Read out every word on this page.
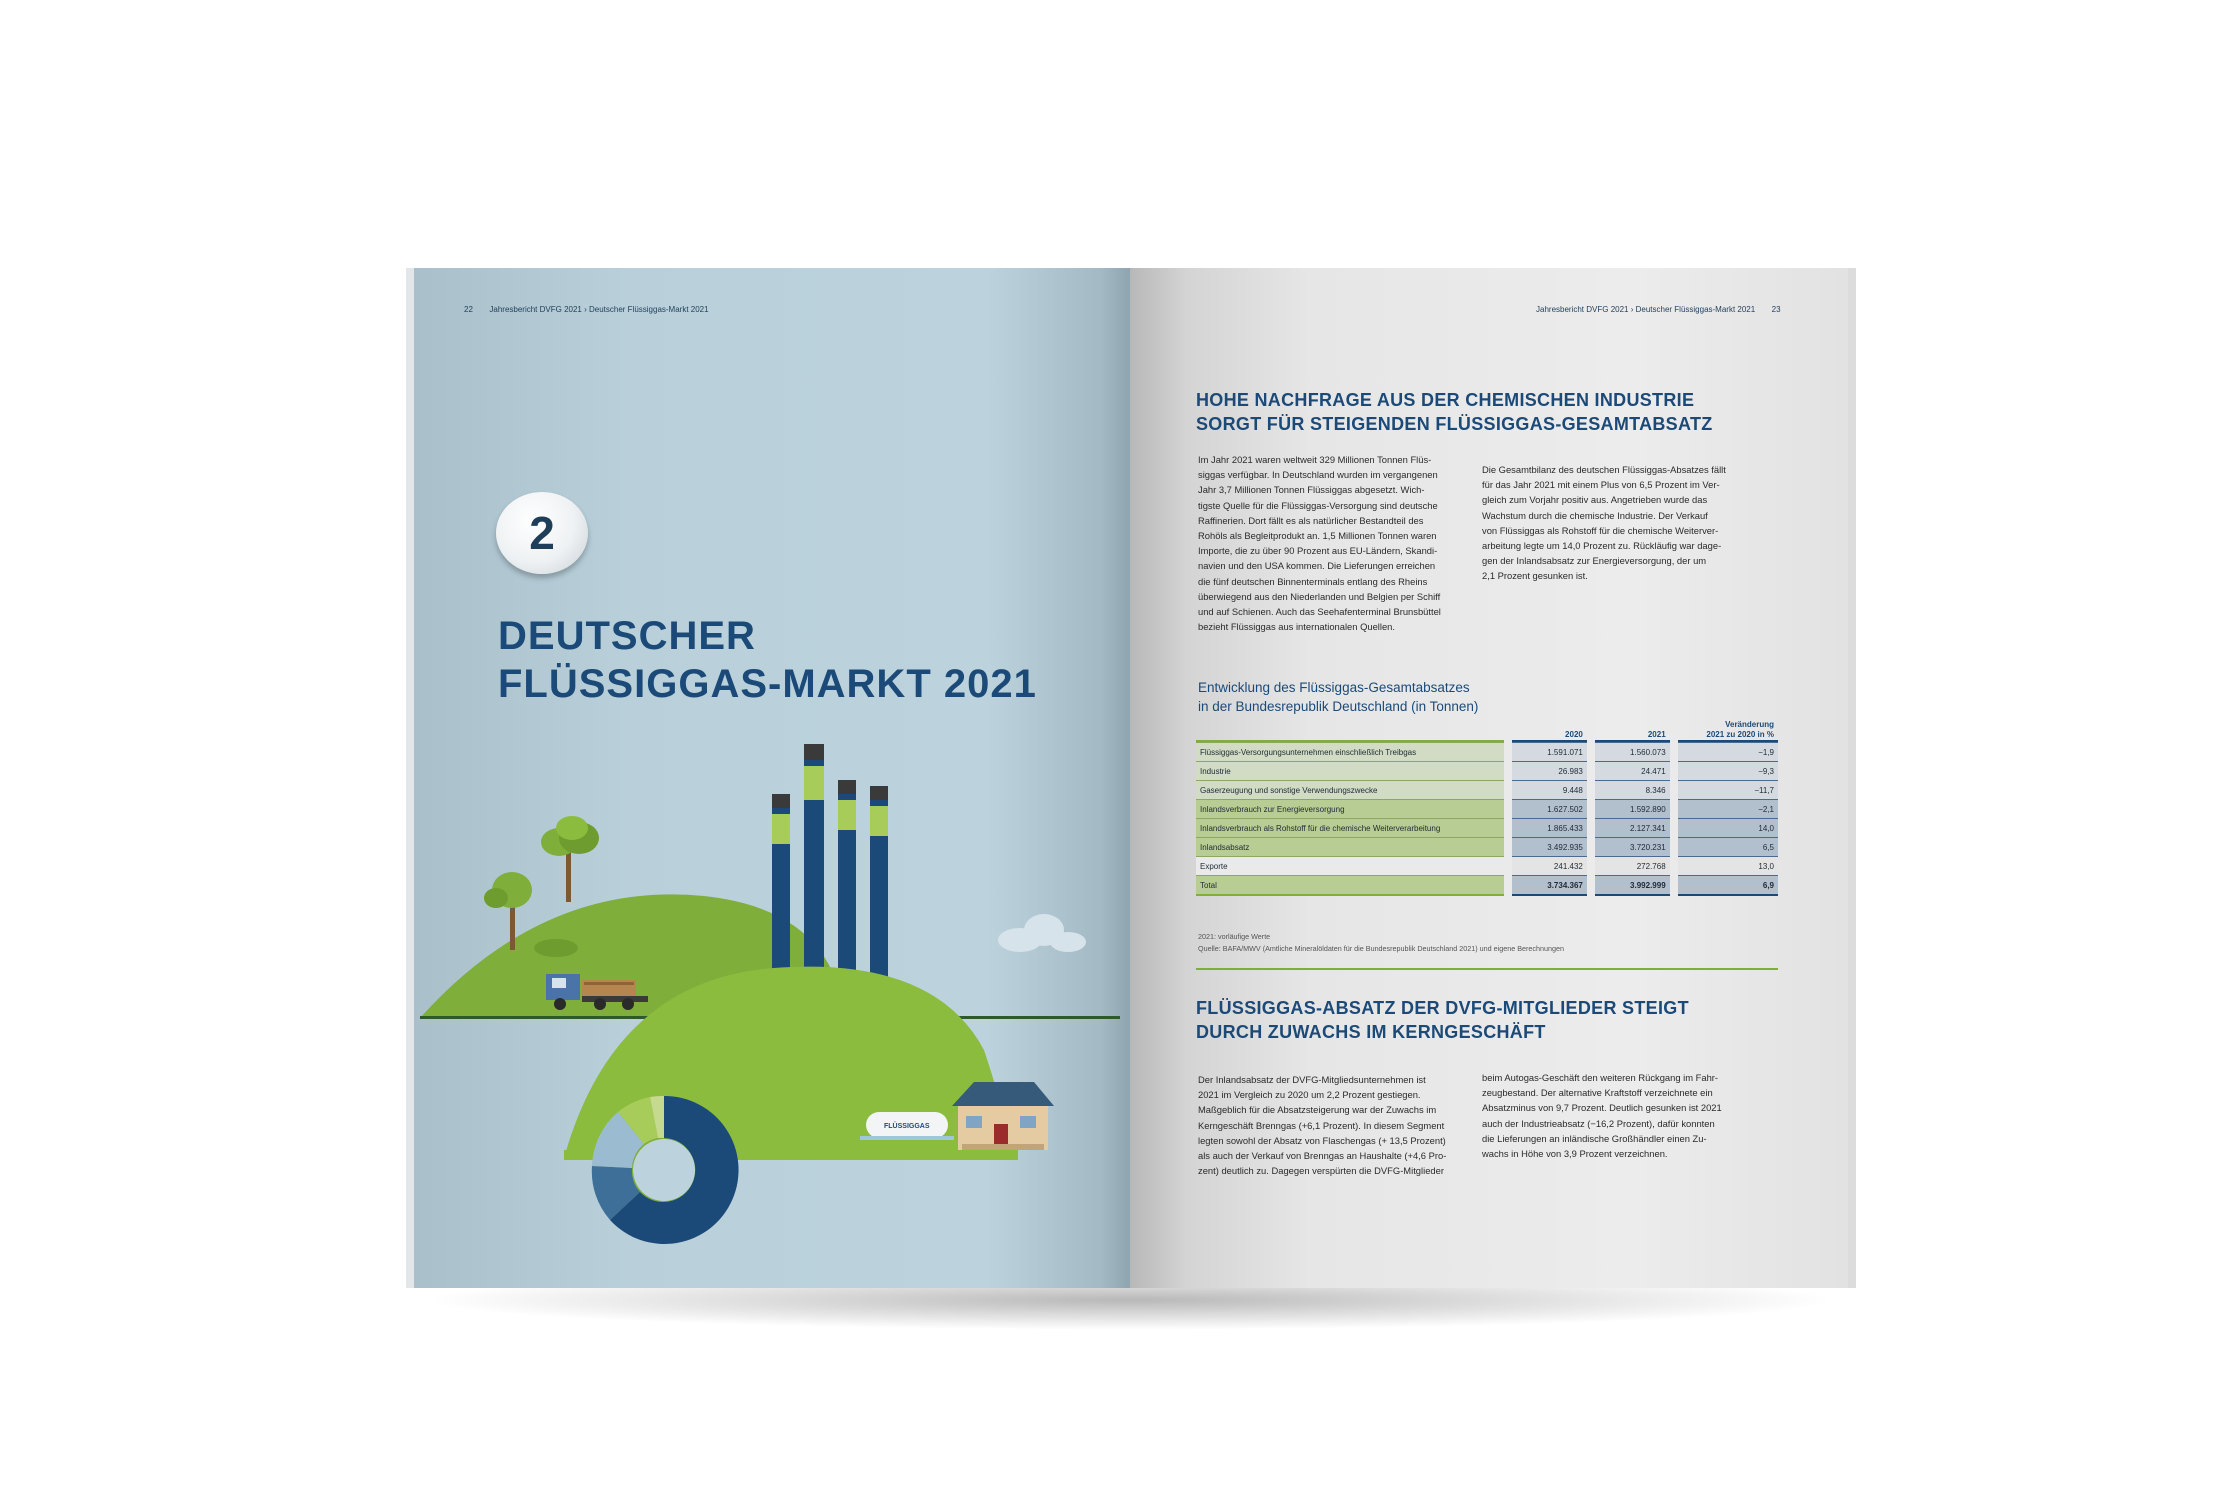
22 Jahresbericht DVFG 2021 › Deutscher Flüssiggas-Markt 2021
2
DEUTSCHER
FLÜSSIGGAS-MARKT 2021
FLÜSSIGGAS
Jahresbericht DVFG 2021 › Deutscher Flüssiggas-Markt 2021 23
HOHE NACHFRAGE AUS DER CHEMISCHEN INDUSTRIE
SORGT FÜR STEIGENDEN FLÜSSIGGAS-GESAMTABSATZ
Im Jahr 2021 waren weltweit 329 Millionen Tonnen Flüs-
siggas verfügbar. In Deutschland wurden im vergangenen
Jahr 3,7 Millionen Tonnen Flüssiggas abgesetzt. Wich-
tigste Quelle für die Flüssiggas-Versorgung sind deutsche
Raffinerien. Dort fällt es als natürlicher Bestandteil des
Rohöls als Begleitprodukt an. 1,5 Millionen Tonnen waren
Importe, die zu über 90 Prozent aus EU-Ländern, Skandi-
navien und den USA kommen. Die Lieferungen erreichen
die fünf deutschen Binnenterminals entlang des Rheins
überwiegend aus den Niederlanden und Belgien per Schiff
und auf Schienen. Auch das Seehafenterminal Brunsbüttel
bezieht Flüssiggas aus internationalen Quellen.
Die Gesamtbilanz des deutschen Flüssiggas-Absatzes fällt
für das Jahr 2021 mit einem Plus von 6,5 Prozent im Ver-
gleich zum Vorjahr positiv aus. Angetrieben wurde das
Wachstum durch die chemische Industrie. Der Verkauf
von Flüssiggas als Rohstoff für die chemische Weiterver-
arbeitung legte um 14,0 Prozent zu. Rückläufig war dage-
gen der Inlandsabsatz zur Energieversorgung, der um
2,1 Prozent gesunken ist.
Entwicklung des Flüssiggas-Gesamtabsatzes
in der Bundesrepublik Deutschland (in Tonnen)
		2020		2021		Veränderung
2021 zu 2020 in %

Flüssiggas-Versorgungsunternehmen einschließlich Treibgas		1.591.071		1.560.073		−1,9
Industrie		26.983		24.471		−9,3
Gaserzeugung und sonstige Verwendungszwecke		9.448		8.346		−11,7
Inlandsverbrauch zur Energieversorgung		1.627.502		1.592.890		−2,1
Inlandsverbrauch als Rohstoff für die chemische Weiterverarbeitung		1.865.433		2.127.341		14,0
Inlandsabsatz		3.492.935		3.720.231		6,5
Exporte		241.432		272.768		13,0
Total		3.734.367		3.992.999		6,9
2021: vorläufige Werte
Quelle: BAFA/MWV (Amtliche Mineralöldaten für die Bundesrepublik Deutschland 2021) und eigene Berechnungen
FLÜSSIGGAS-ABSATZ DER DVFG-MITGLIEDER STEIGT
DURCH ZUWACHS IM KERNGESCHÄFT
Der Inlandsabsatz der DVFG-Mitgliedsunternehmen ist
2021 im Vergleich zu 2020 um 2,2 Prozent gestiegen.
Maßgeblich für die Absatzsteigerung war der Zuwachs im
Kerngeschäft Brenngas (+6,1 Prozent). In diesem Segment
legten sowohl der Absatz von Flaschengas (+ 13,5 Prozent)
als auch der Verkauf von Brenngas an Haushalte (+4,6 Pro-
zent) deutlich zu. Dagegen verspürten die DVFG-Mitglieder
beim Autogas-Geschäft den weiteren Rückgang im Fahr-
zeugbestand. Der alternative Kraftstoff verzeichnete ein
Absatzminus von 9,7 Prozent. Deutlich gesunken ist 2021
auch der Industrieabsatz (−16,2 Prozent), dafür konnten
die Lieferungen an inländische Großhändler einen Zu-
wachs in Höhe von 3,9 Prozent verzeichnen.
